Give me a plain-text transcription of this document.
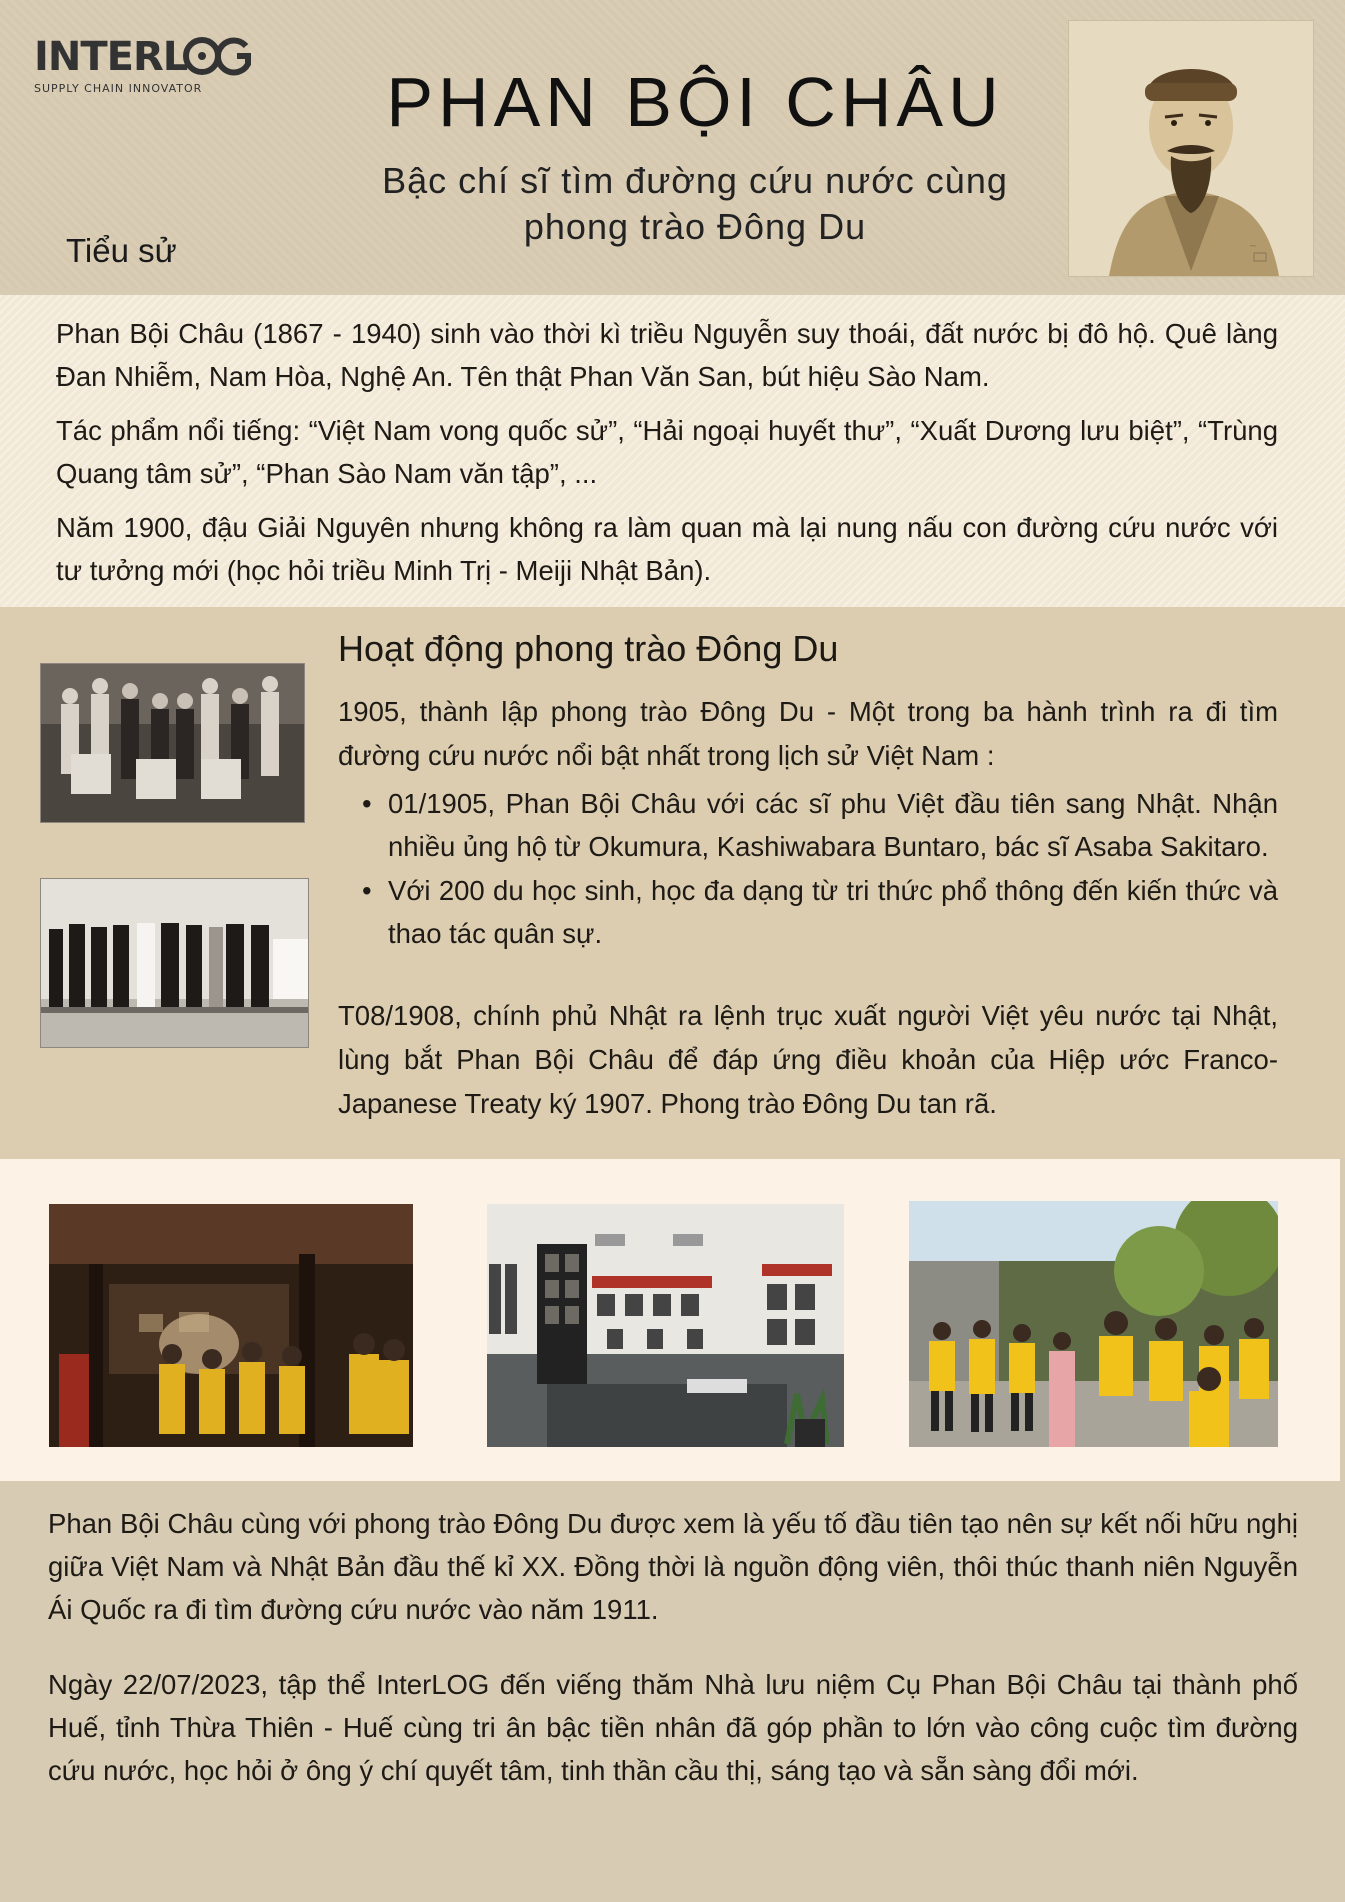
INTERL
SUPPLY CHAIN INNOVATOR	PHAN BỘI CHÂU
Bậc chí sĩ tìm đường cứu nước cùng
phong trào Đông Du
Tiểu sử	~

Phan Bội Châu (1867 - 1940) sinh vào thời kì triều Nguyễn suy thoái, đất nước bị đô hộ. Quê làng Đan Nhiễm, Nam Hòa, Nghệ An. Tên thật Phan Văn San, bút hiệu Sào Nam.

Tác phẩm nổi tiếng: “Việt Nam vong quốc sử”, “Hải ngoại huyết thư”, “Xuất Dương lưu biệt”, “Trùng Quang tâm sử”, “Phan Sào Nam văn tập”, ...

Năm 1900, đậu Giải Nguyên nhưng không ra làm quan mà lại nung nấu con đường cứu nước với tư tưởng mới (học hỏi triều Minh Trị - Meiji Nhật Bản).

Hoạt động phong trào Đông Du

1905, thành lập phong trào Đông Du - Một trong ba hành trình ra đi tìm đường cứu nước nổi bật nhất trong lịch sử Việt Nam :

• 01/1905, Phan Bội Châu với các sĩ phu Việt đầu tiên sang Nhật. Nhận nhiều ủng hộ từ Okumura, Kashiwabara Buntaro, bác sĩ Asaba Sakitaro.
• Với 200 du học sinh, học đa dạng từ tri thức phổ thông đến kiến thức và thao tác quân sự.

T08/1908, chính phủ Nhật ra lệnh trục xuất người Việt yêu nước tại Nhật, lùng bắt Phan Bội Châu để đáp ứng điều khoản của Hiệp ước Franco-Japanese Treaty ký 1907. Phong trào Đông Du tan rã.

Phan Bội Châu cùng với phong trào Đông Du được xem là yếu tố đầu tiên tạo nên sự kết nối hữu nghị giữa Việt Nam và Nhật Bản đầu thế kỉ XX. Đồng thời là nguồn động viên, thôi thúc thanh niên Nguyễn Ái Quốc ra đi tìm đường cứu nước vào năm 1911.

Ngày 22/07/2023, tập thể InterLOG đến viếng thăm Nhà lưu niệm Cụ Phan Bội Châu tại thành phố Huế, tỉnh Thừa Thiên - Huế cùng tri ân bậc tiền nhân đã góp phần to lớn vào công cuộc tìm đường cứu nước, học hỏi ở ông ý chí quyết tâm, tinh thần cầu thị, sáng tạo và sẵn sàng đổi mới.
